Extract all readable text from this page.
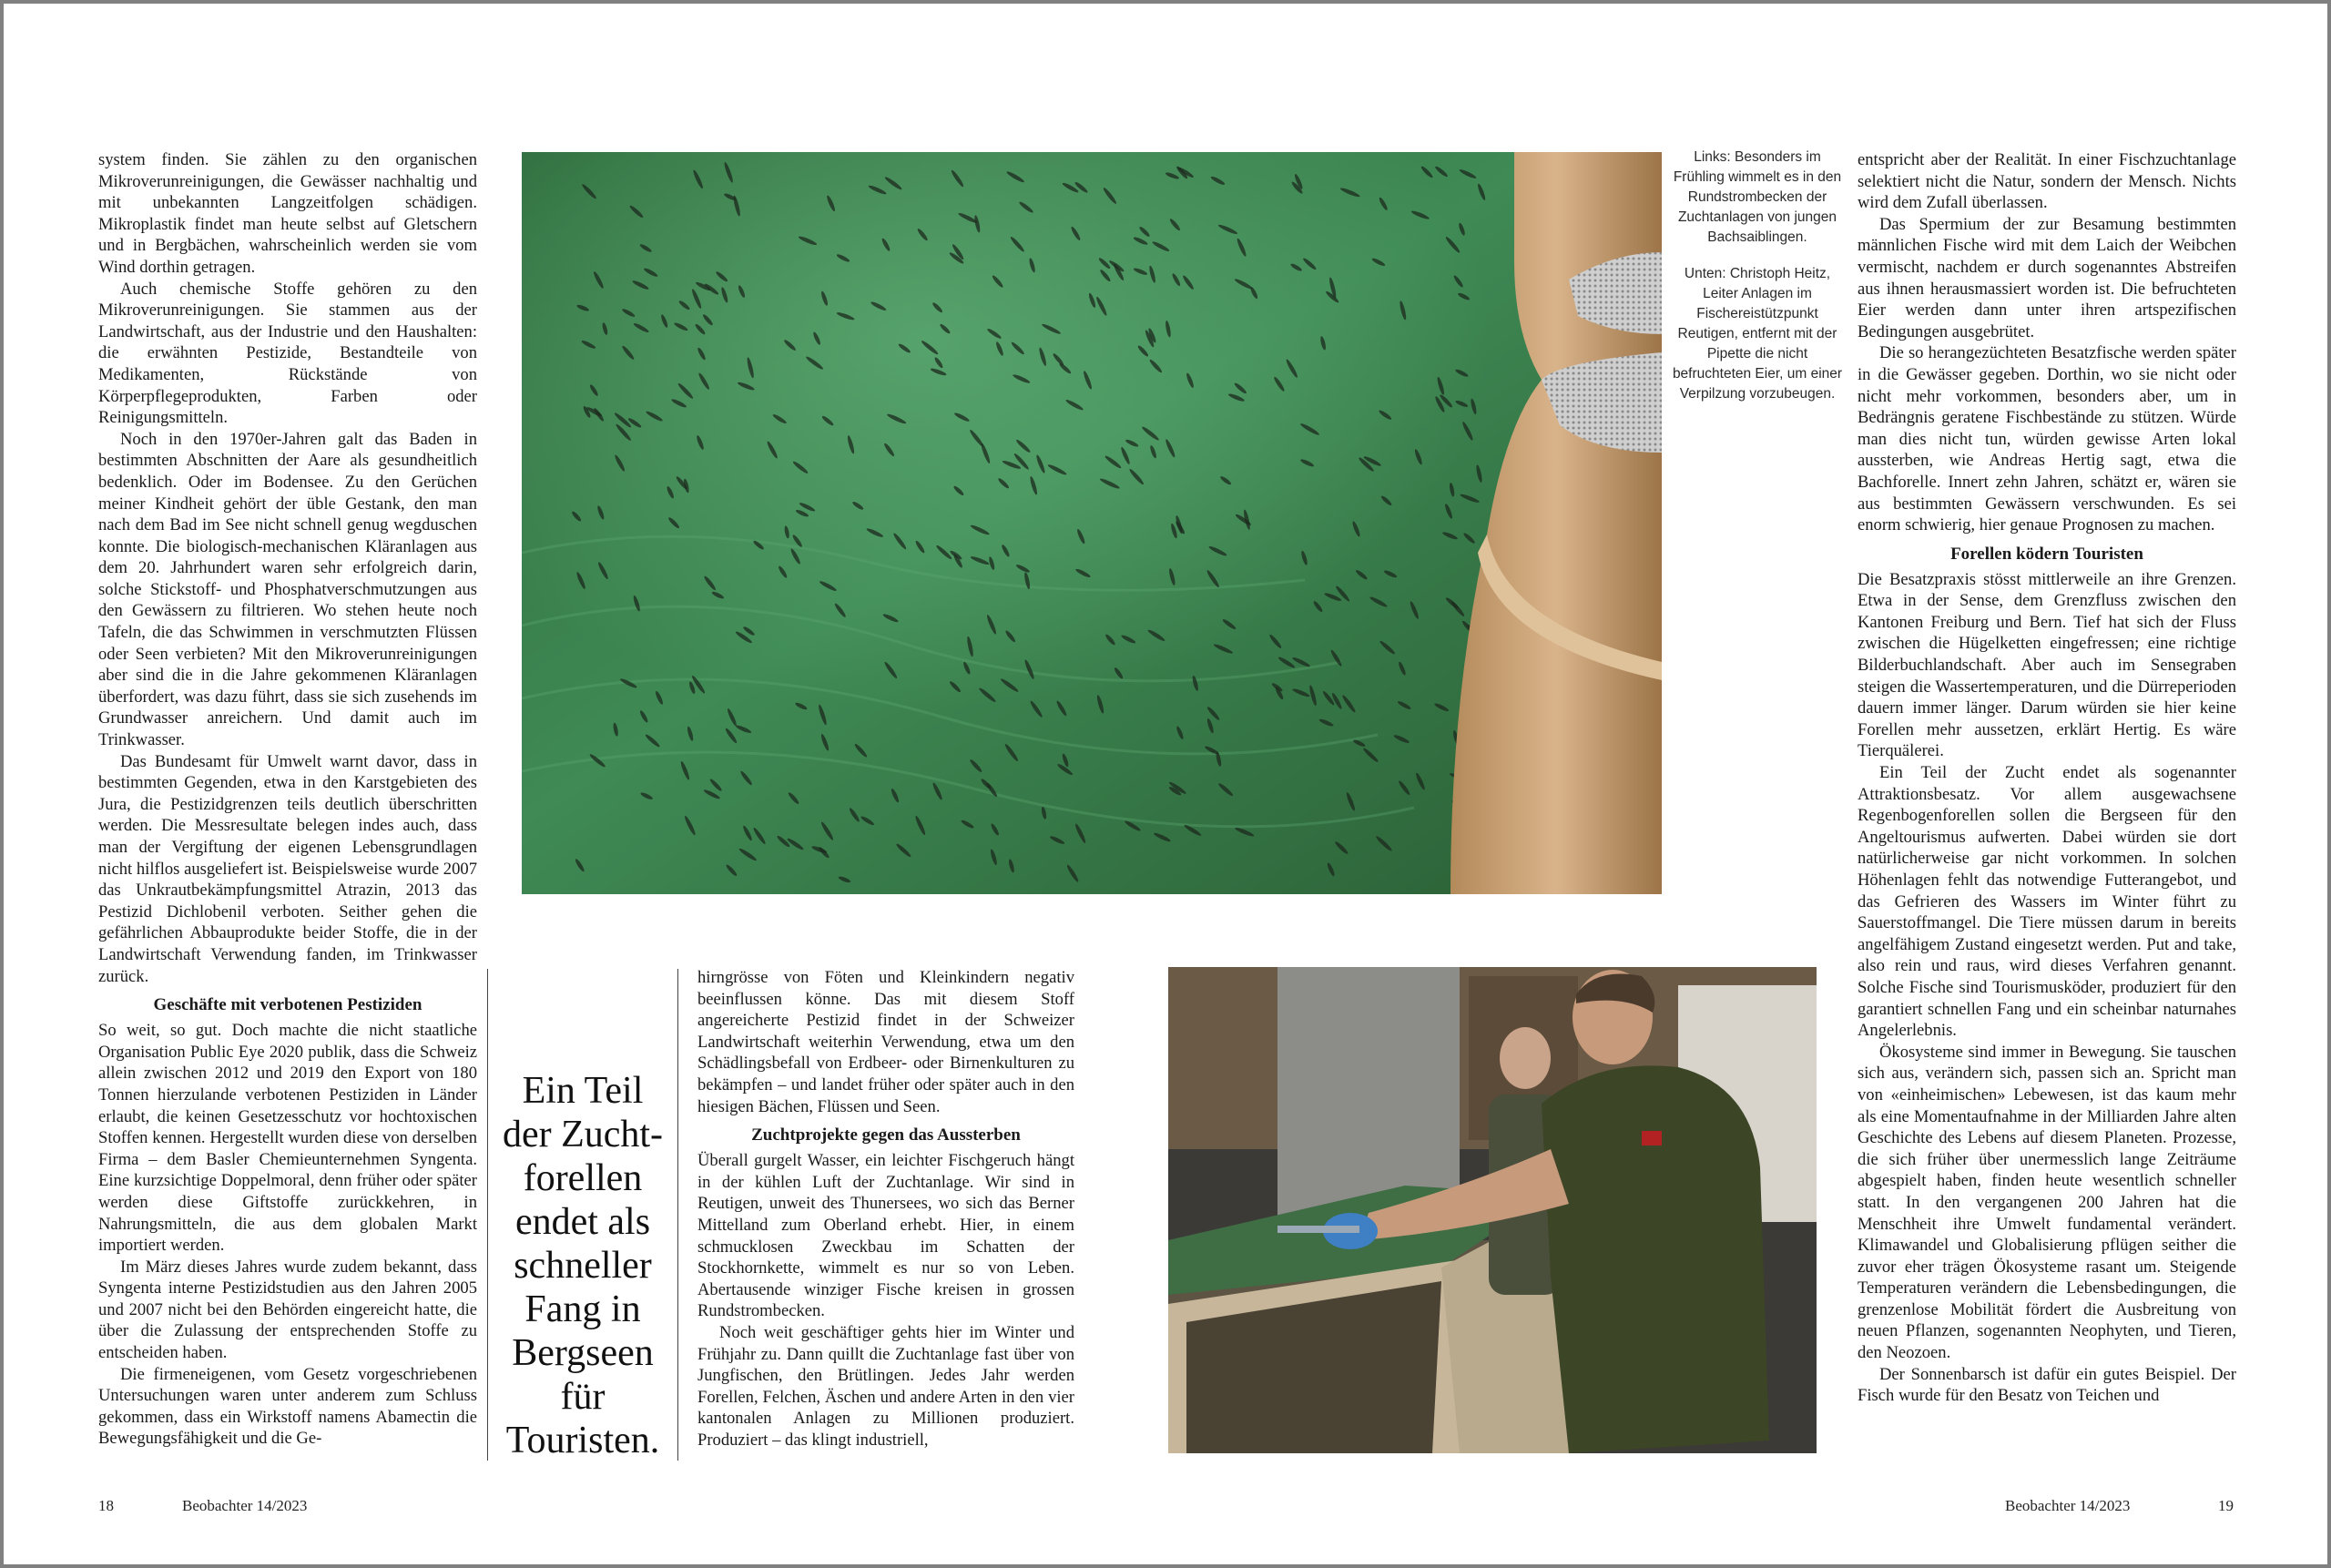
system finden. Sie zählen zu den organischen Mikroverunreinigungen, die Gewässer nachhaltig und mit unbekannten Langzeitfolgen schädigen. Mikroplastik findet man heute selbst auf Gletschern und in Bergbächen, wahrscheinlich werden sie vom Wind dorthin getragen.

Auch chemische Stoffe gehören zu den Mikroverunreinigungen. Sie stammen aus der Landwirtschaft, aus der Industrie und den Haushalten: die erwähnten Pestizide, Bestandteile von Medikamenten, Rückstände von Körperpflegeprodukten, Farben oder Reinigungsmitteln.

Noch in den 1970er-Jahren galt das Baden in bestimmten Abschnitten der Aare als gesundheitlich bedenklich. Oder im Bodensee. Zu den Gerüchen meiner Kindheit gehört der üble Gestank, den man nach dem Bad im See nicht schnell genug wegduschen konnte. Die biologisch-mechanischen Kläranlagen aus dem 20. Jahrhundert waren sehr erfolgreich darin, solche Stickstoff- und Phosphatverschmutzungen aus den Gewässern zu filtrieren. Wo stehen heute noch Tafeln, die das Schwimmen in verschmutzten Flüssen oder Seen verbieten? Mit den Mikroverunreinigungen aber sind die in die Jahre gekommenen Kläranlagen überfordert, was dazu führt, dass sie sich zusehends im Grundwasser anreichern. Und damit auch im Trinkwasser.

Das Bundesamt für Umwelt warnt davor, dass in bestimmten Gegenden, etwa in den Karstgebieten des Jura, die Pestizidgrenzen teils deutlich überschritten werden. Die Messresultate belegen indes auch, dass man der Vergiftung der eigenen Lebensgrundlagen nicht hilflos ausgeliefert ist. Beispielsweise wurde 2007 das Unkrautbekämpfungsmittel Atrazin, 2013 das Pestizid Dichlobenil verboten. Seither gehen die gefährlichen Abbauprodukte beider Stoffe, die in der Landwirtschaft Verwendung fanden, im Trinkwasser zurück.

Geschäfte mit verbotenen Pestiziden

So weit, so gut. Doch machte die nicht staatliche Organisation Public Eye 2020 publik, dass die Schweiz allein zwischen 2012 und 2019 den Export von 180 Tonnen hierzulande verbotenen Pestiziden in Länder erlaubt, die keinen Gesetzesschutz vor hochtoxischen Stoffen kennen. Hergestellt wurden diese von derselben Firma – dem Basler Chemieunternehmen Syngenta. Eine kurzsichtige Doppelmoral, denn früher oder später werden diese Giftstoffe zurückkehren, in Nahrungsmitteln, die aus dem globalen Markt importiert werden.

Im März dieses Jahres wurde zudem bekannt, dass Syngenta interne Pestizidstudien aus den Jahren 2005 und 2007 nicht bei den Behörden eingereicht hatte, die über die Zulassung der entsprechenden Stoffe zu entscheiden haben.

Die firmeneigenen, vom Gesetz vorgeschriebenen Untersuchungen waren unter anderem zum Schluss gekommen, dass ein Wirkstoff namens Abamectin die Bewegungsfähigkeit und die Ge-

Links: Besonders im Frühling wimmelt es in den Rundstrombecken der Zuchtanlagen von jungen Bachsaiblingen.

Unten: Christoph Heitz, Leiter Anlagen im Fischereistützpunkt Reutigen, entfernt mit der Pipette die nicht befruchteten Eier, um einer Verpilzung vorzubeugen.

Ein Teil der Zuchtforellen endet als schneller Fang in Bergseen für Touristen.

hirngrösse von Föten und Kleinkindern negativ beeinflussen könne. Das mit diesem Stoff angereicherte Pestizid findet in der Schweizer Landwirtschaft weiterhin Verwendung, etwa um den Schädlingsbefall von Erdbeer- oder Birnenkulturen zu bekämpfen – und landet früher oder später auch in den hiesigen Bächen, Flüssen und Seen.

Zuchtprojekte gegen das Aussterben

Überall gurgelt Wasser, ein leichter Fischgeruch hängt in der kühlen Luft der Zuchtanlage. Wir sind in Reutigen, unweit des Thunersees, wo sich das Berner Mittelland zum Oberland erhebt. Hier, in einem schmucklosen Zweckbau im Schatten der Stockhornkette, wimmelt es nur so von Leben. Abertausende winziger Fische kreisen in grossen Rundstrombecken.

Noch weit geschäftiger gehts hier im Winter und Frühjahr zu. Dann quillt die Zuchtanlage fast über von Jungfischen, den Brütlingen. Jedes Jahr werden Forellen, Felchen, Äschen und andere Arten in den vier kantonalen Anlagen zu Millionen produziert. Produziert – das klingt industriell,

entspricht aber der Realität. In einer Fischzuchtanlage selektiert nicht die Natur, sondern der Mensch. Nichts wird dem Zufall überlassen.

Das Spermium der zur Besamung bestimmten männlichen Fische wird mit dem Laich der Weibchen vermischt, nachdem er durch sogenanntes Abstreifen aus ihnen herausmassiert worden ist. Die befruchteten Eier werden dann unter ihren artspezifischen Bedingungen ausgebrütet.

Die so herangezüchteten Besatzfische werden später in die Gewässer gegeben. Dorthin, wo sie nicht oder nicht mehr vorkommen, besonders aber, um in Bedrängnis geratene Fischbestände zu stützen. Würde man dies nicht tun, würden gewisse Arten lokal aussterben, wie Andreas Hertig sagt, etwa die Bachforelle. Innert zehn Jahren, schätzt er, wären sie aus bestimmten Gewässern verschwunden. Es sei enorm schwierig, hier genaue Prognosen zu machen.

Forellen ködern Touristen

Die Besatzpraxis stösst mittlerweile an ihre Grenzen. Etwa in der Sense, dem Grenzfluss zwischen den Kantonen Freiburg und Bern. Tief hat sich der Fluss zwischen die Hügelketten eingefressen; eine richtige Bilderbuchlandschaft. Aber auch im Sensegraben steigen die Wassertemperaturen, und die Dürreperioden dauern immer länger. Darum würden sie hier keine Forellen mehr aussetzen, erklärt Hertig. Es wäre Tierquälerei.

Ein Teil der Zucht endet als sogenannter Attraktionsbesatz. Vor allem ausgewachsene Regenbogenforellen sollen die Bergseen für den Angeltourismus aufwerten. Dabei würden sie dort natürlicherweise gar nicht vorkommen. In solchen Höhenlagen fehlt das notwendige Futterangebot, und das Gefrieren des Wassers im Winter führt zu Sauerstoffmangel. Die Tiere müssen darum in bereits angelfähigem Zustand eingesetzt werden. Put and take, also rein und raus, wird dieses Verfahren genannt. Solche Fische sind Tourismusköder, produziert für den garantiert schnellen Fang und ein scheinbar naturnahes Angelerlebnis.

Ökosysteme sind immer in Bewegung. Sie tauschen sich aus, verändern sich, passen sich an. Spricht man von «einheimischen» Lebewesen, ist das kaum mehr als eine Momentaufnahme in der Milliarden Jahre alten Geschichte des Lebens auf diesem Planeten. Prozesse, die sich früher über unermesslich lange Zeiträume abgespielt haben, finden heute wesentlich schneller statt. In den vergangenen 200 Jahren hat die Menschheit ihre Umwelt fundamental verändert. Klimawandel und Globalisierung pflügen seither die zuvor eher trägen Ökosysteme rasant um. Steigende Temperaturen verändern die Lebensbedingungen, die grenzenlose Mobilität fördert die Ausbreitung von neuen Pflanzen, sogenannten Neophyten, und Tieren, den Neozoen.

Der Sonnenbarsch ist dafür ein gutes Beispiel. Der Fisch wurde für den Besatz von Teichen und

18	Beobachter 14/2023	Beobachter 14/2023	19
